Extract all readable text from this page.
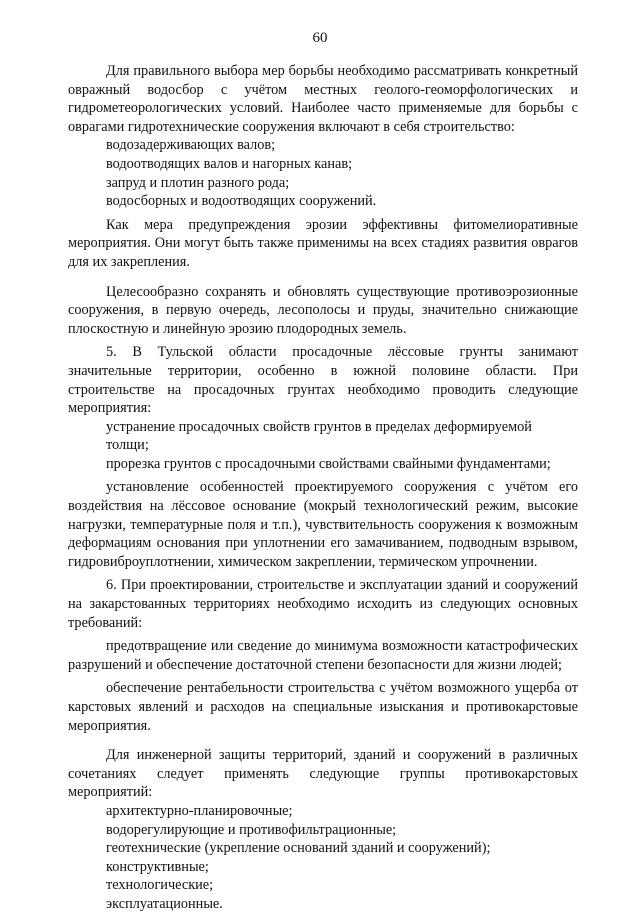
60

Для правильного выбора мер борьбы необходимо рассматривать конкретный овражный водосбор с учётом местных геолого-геоморфологических и гидрометеорологических условий. Наиболее часто применяемые для борьбы с оврагами гидротехнические сооружения включают в себя строительство:

водозадерживающих валов;

водоотводящих валов и нагорных канав;

запруд и плотин разного рода;

водосборных и водоотводящих сооружений.

Как мера предупреждения эрозии эффективны фитомелиоративные мероприятия. Они могут быть также применимы на всех стадиях развития оврагов для их закрепления.

Целесообразно сохранять и обновлять существующие противоэрозионные сооружения, в первую очередь, лесополосы и пруды, значительно снижающие плоскостную и линейную эрозию плодородных земель.

5. В Тульской области просадочные лёссовые грунты занимают значительные территории, особенно в южной половине области. При строительстве на просадочных грунтах необходимо проводить следующие мероприятия:

устранение просадочных свойств грунтов в пределах деформируемой толщи;

прорезка грунтов с просадочными свойствами свайными фундаментами;

установление особенностей проектируемого сооружения с учётом его воздействия на лёссовое основание (мокрый технологический режим, высокие нагрузки, температурные поля и т.п.), чувствительность сооружения к возможным деформациям основания при уплотнении его замачиванием, подводным взрывом, гидровиброуплотнении, химическом закреплении, термическом упрочнении.

6. При проектировании, строительстве и эксплуатации зданий и сооружений на закарстованных территориях необходимо исходить из следующих основных требований:

предотвращение или сведение до минимума возможности катастрофических разрушений и обеспечение достаточной степени безопасности для жизни людей;

обеспечение рентабельности строительства с учётом возможного ущерба от карстовых явлений и расходов на специальные изыскания и противокарстовые мероприятия.

Для инженерной защиты территорий, зданий и сооружений в различных сочетаниях следует применять следующие группы противокарстовых мероприятий:

архитектурно-планировочные;

водорегулирующие и противофильтрационные;

геотехнические (укрепление оснований зданий и сооружений);

конструктивные;

технологические;

эксплуатационные.
